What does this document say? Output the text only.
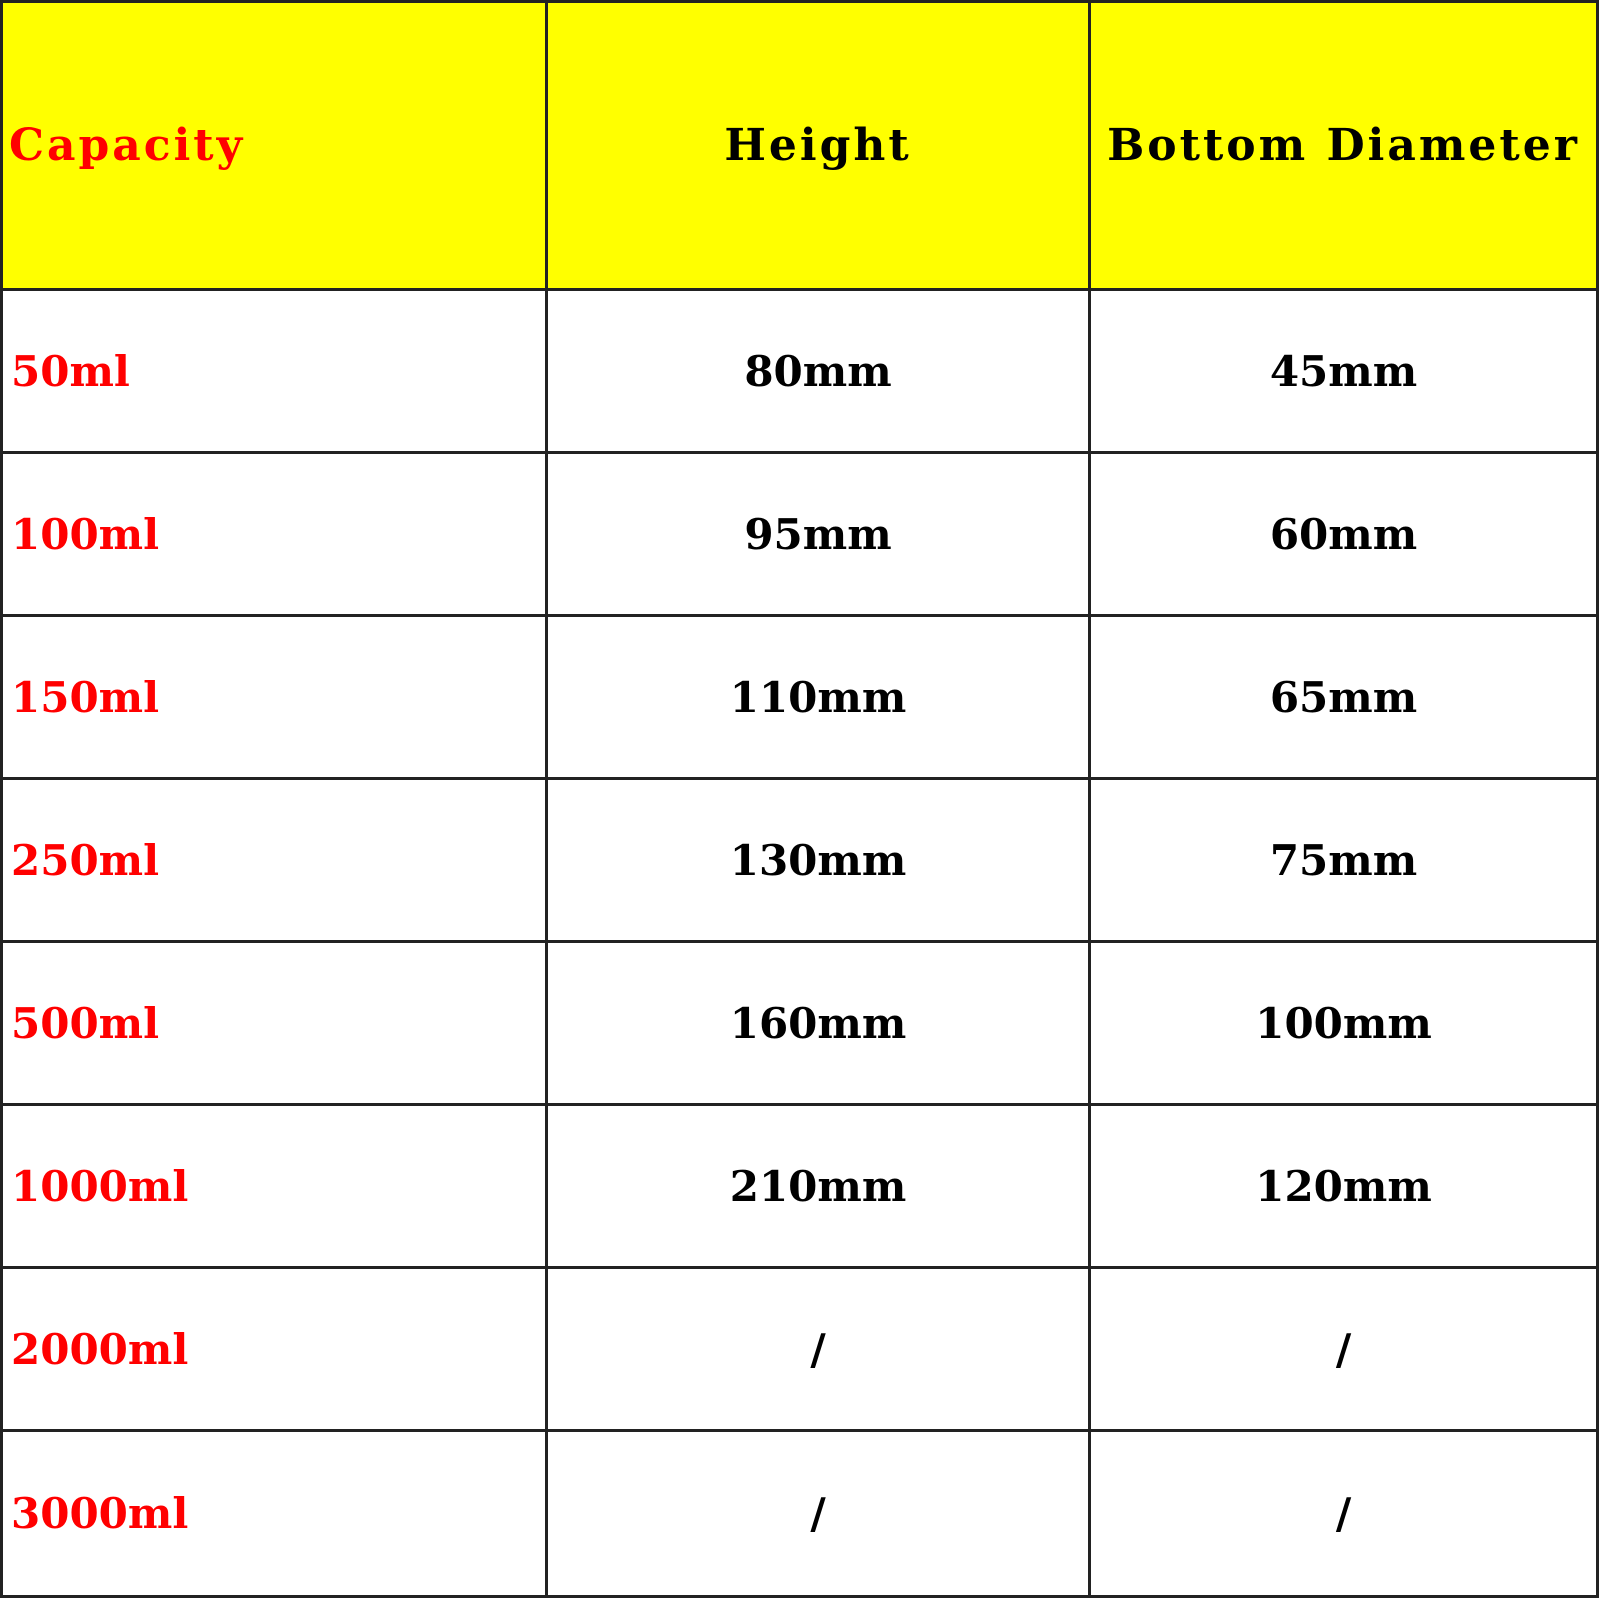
Capacity	Height	Bottom Diameter
50ml	80mm	45mm
100ml	95mm	60mm
150ml	110mm	65mm
250ml	130mm	75mm
500ml	160mm	100mm
1000ml	210mm	120mm
2000ml	/	/
3000ml	/	/
